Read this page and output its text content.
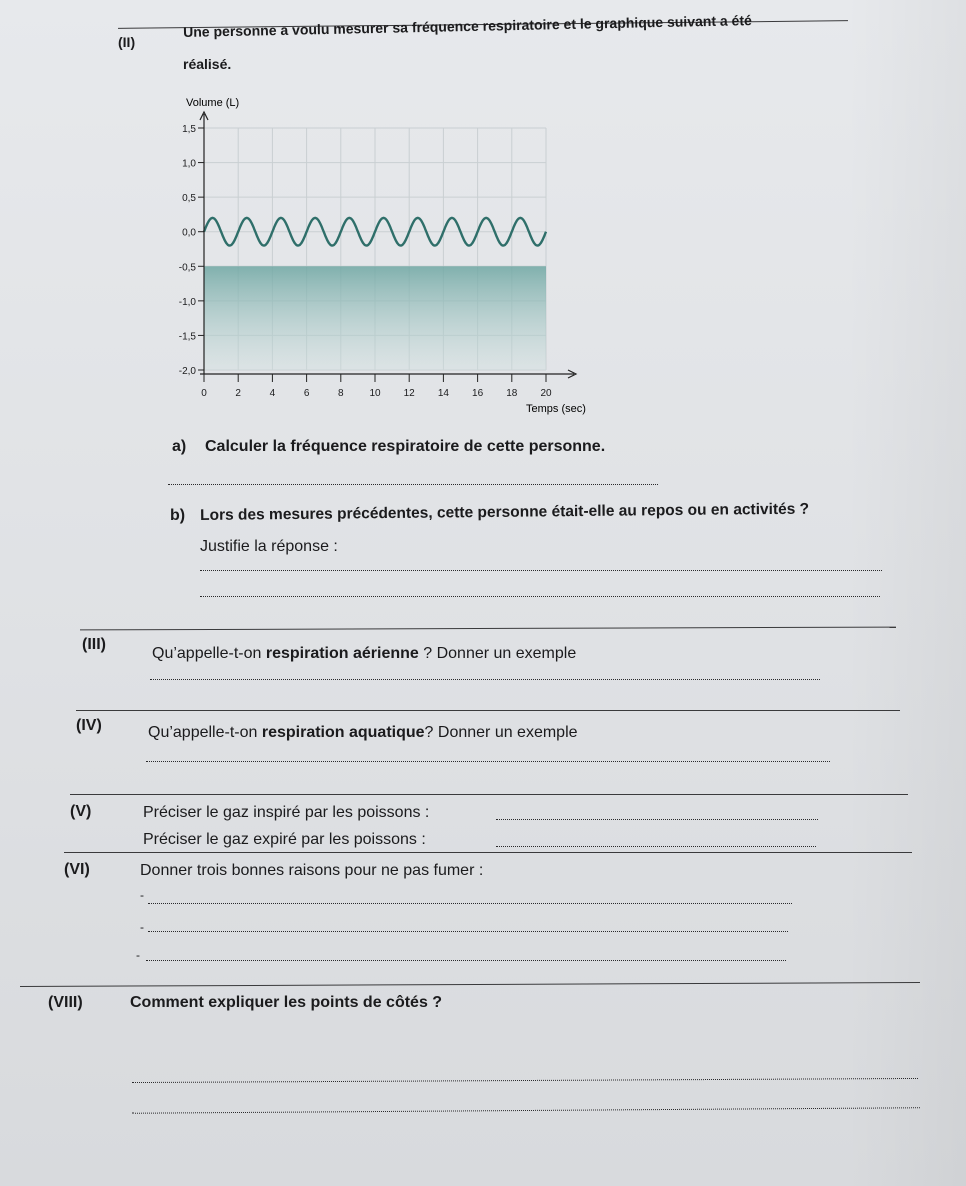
(II)
Une personne a voulu mesurer sa fréquence respiratoire et le graphique suivant a été
réalisé.
0	2	4	6	8	10 12 14 16 18 20
1,5
1,0
0,5
0,0
-0,5
-1,0
-1,5
-2,0
Volume (L)
Temps (sec)
a) Calculer la fréquence respiratoire de cette personne.
b) Lors des mesures précédentes, cette personne était-elle au repos ou en activités ?
Justifie la réponse :
(III)
Qu’appelle-t-on respiration aérienne ? Donner un exemple
(IV)	Qu’appelle-t-on respiration aquatique? Donner un exemple
(V)	Préciser le gaz inspiré par les poissons :
Préciser le gaz expiré par les poissons :
(VI)	Donner trois bonnes raisons pour ne pas fumer :
-
-
-
(VIII)	Comment expliquer les points de côtés ?
